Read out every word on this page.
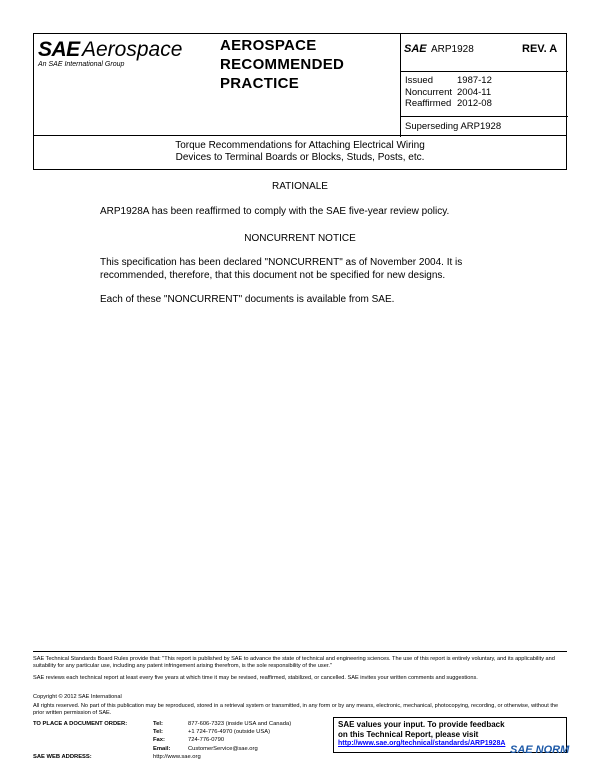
SAE Aerospace
An SAE International Group
AEROSPACE
RECOMMENDED
PRACTICE
SAE ARP1928	REV. A
Issued	1987-12
Noncurrent 2004-11
Reaffirmed 2012-08
Superseding ARP1928
Torque Recommendations for Attaching Electrical Wiring
Devices to Terminal Boards or Blocks, Studs, Posts, etc.
RATIONALE
ARP1928A has been reaffirmed to comply with the SAE five-year review policy.
NONCURRENT NOTICE
This specification has been declared "NONCURRENT" as of November 2004. It is recommended, therefore, that this document not be specified for new designs.
Each of these "NONCURRENT" documents is available from SAE.
SAE Technical Standards Board Rules provide that: "This report is published by SAE to advance the state of technical and engineering sciences. The use of this report is entirely voluntary, and its applicability and suitability for any particular use, including any patent infringement arising therefrom, is the sole responsibility of the user."
SAE reviews each technical report at least every five years at which time it may be revised, reaffirmed, stabilized, or cancelled. SAE invites your written comments and suggestions.
Copyright © 2012 SAE International
All rights reserved. No part of this publication may be reproduced, stored in a retrieval system or transmitted, in any form or by any means, electronic, mechanical, photocopying, recording, or otherwise, without the prior written permission of SAE.
TO PLACE A DOCUMENT ORDER:	Tel:	877-606-7323 (inside USA and Canada)
Tel:	+1 724-776-4970 (outside USA)
Fax:	724-776-0790
Email:	CustomerService@sae.org
SAE WEB ADDRESS:	http://www.sae.org
SAE values your input. To provide feedback
on this Technical Report, please visit
http://www.sae.org/technical/standards/ARP1928A
SAE NORM
